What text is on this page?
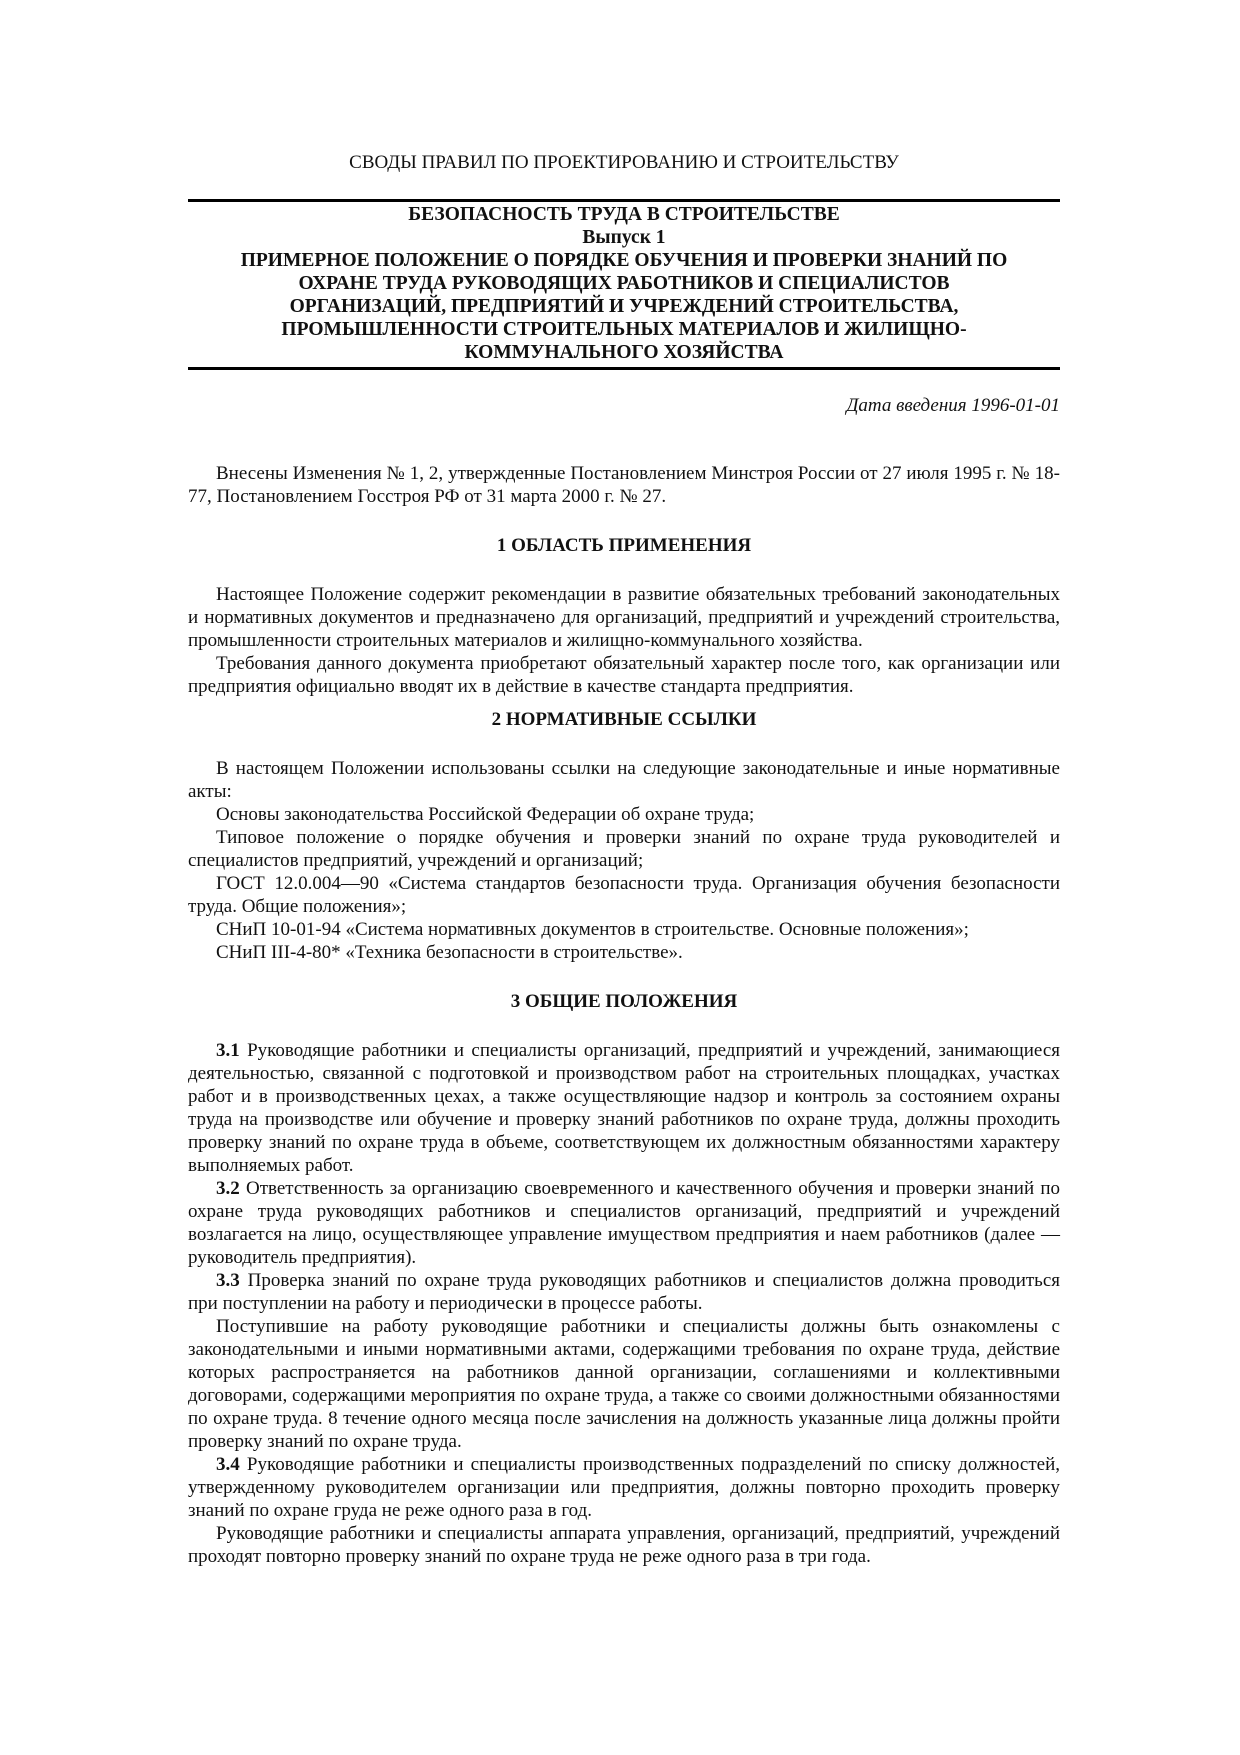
СВОДЫ ПРАВИЛ ПО ПРОЕКТИРОВАНИЮ И СТРОИТЕЛЬСТВУ
БЕЗОПАСНОСТЬ ТРУДА В СТРОИТЕЛЬСТВЕ
Выпуск 1
ПРИМЕРНОЕ ПОЛОЖЕНИЕ О ПОРЯДКЕ ОБУЧЕНИЯ И ПРОВЕРКИ ЗНАНИЙ ПО
ОХРАНЕ ТРУДА РУКОВОДЯЩИХ РАБОТНИКОВ И СПЕЦИАЛИСТОВ
ОРГАНИЗАЦИЙ, ПРЕДПРИЯТИЙ И УЧРЕЖДЕНИЙ СТРОИТЕЛЬСТВА,
ПРОМЫШЛЕННОСТИ СТРОИТЕЛЬНЫХ МАТЕРИАЛОВ И ЖИЛИЩНО-
КОММУНАЛЬНОГО ХОЗЯЙСТВА
Дата введения 1996-01-01

Внесены Изменения № 1, 2, утвержденные Постановлением Минстроя России от 27 июля 1995 г. № 18-77, Постановлением Госстроя РФ от 31 марта 2000 г. № 27.

1 ОБЛАСТЬ ПРИМЕНЕНИЯ

Настоящее Положение содержит рекомендации в развитие обязательных требований законодательных и нормативных документов и предназначено для организаций, предприятий и учреждений строительства, промышленности строительных материалов и жилищно-коммунального хозяйства.

Требования данного документа приобретают обязательный характер после того, как организации или предприятия официально вводят их в действие в качестве стандарта предприятия.

2 НОРМАТИВНЫЕ ССЫЛКИ

В настоящем Положении использованы ссылки на следующие законодательные и иные нормативные акты:

Основы законодательства Российской Федерации об охране труда;

Типовое положение о порядке обучения и проверки знаний по охране труда руководителей и специалистов предприятий, учреждений и организаций;

ГОСТ 12.0.004—90 «Система стандартов безопасности труда. Организация обучения безопасности труда. Общие положения»;

СНиП 10-01-94 «Система нормативных документов в строительстве. Основные положения»;

СНиП III-4-80* «Техника безопасности в строительстве».

3 ОБЩИЕ ПОЛОЖЕНИЯ

3.1 Руководящие работники и специалисты организаций, предприятий и учреждений, занимающиеся деятельностью, связанной с подготовкой и производством работ на строительных площадках, участках работ и в производственных цехах, а также осуществляющие надзор и контроль за состоянием охраны труда на производстве или обучение и проверку знаний работников по охране труда, должны проходить проверку знаний по охране труда в объеме, соответствующем их должностным обязанностями характеру выполняемых работ.

3.2 Ответственность за организацию своевременного и качественного обучения и проверки знаний по охране труда руководящих работников и специалистов организаций, предприятий и учреждений возлагается на лицо, осуществляющее управление имуществом предприятия и наем работников (далее — руководитель предприятия).

3.3 Проверка знаний по охране труда руководящих работников и специалистов должна проводиться при поступлении на работу и периодически в процессе работы.

Поступившие на работу руководящие работники и специалисты должны быть ознакомлены с законодательными и иными нормативными актами, содержащими требования по охране труда, действие которых распространяется на работников данной организации, соглашениями и коллективными договорами, содержащими мероприятия по охране труда, а также со своими должностными обязанностями по охране труда. 8 течение одного месяца после зачисления на должность указанные лица должны пройти проверку знаний по охране труда.

3.4 Руководящие работники и специалисты производственных подразделений по списку должностей, утвержденному руководителем организации или предприятия, должны повторно проходить проверку знаний по охране груда не реже одного раза в год.

Руководящие работники и специалисты аппарата управления, организаций, предприятий, учреждений проходят повторно проверку знаний по охране труда не реже одного раза в три года.
